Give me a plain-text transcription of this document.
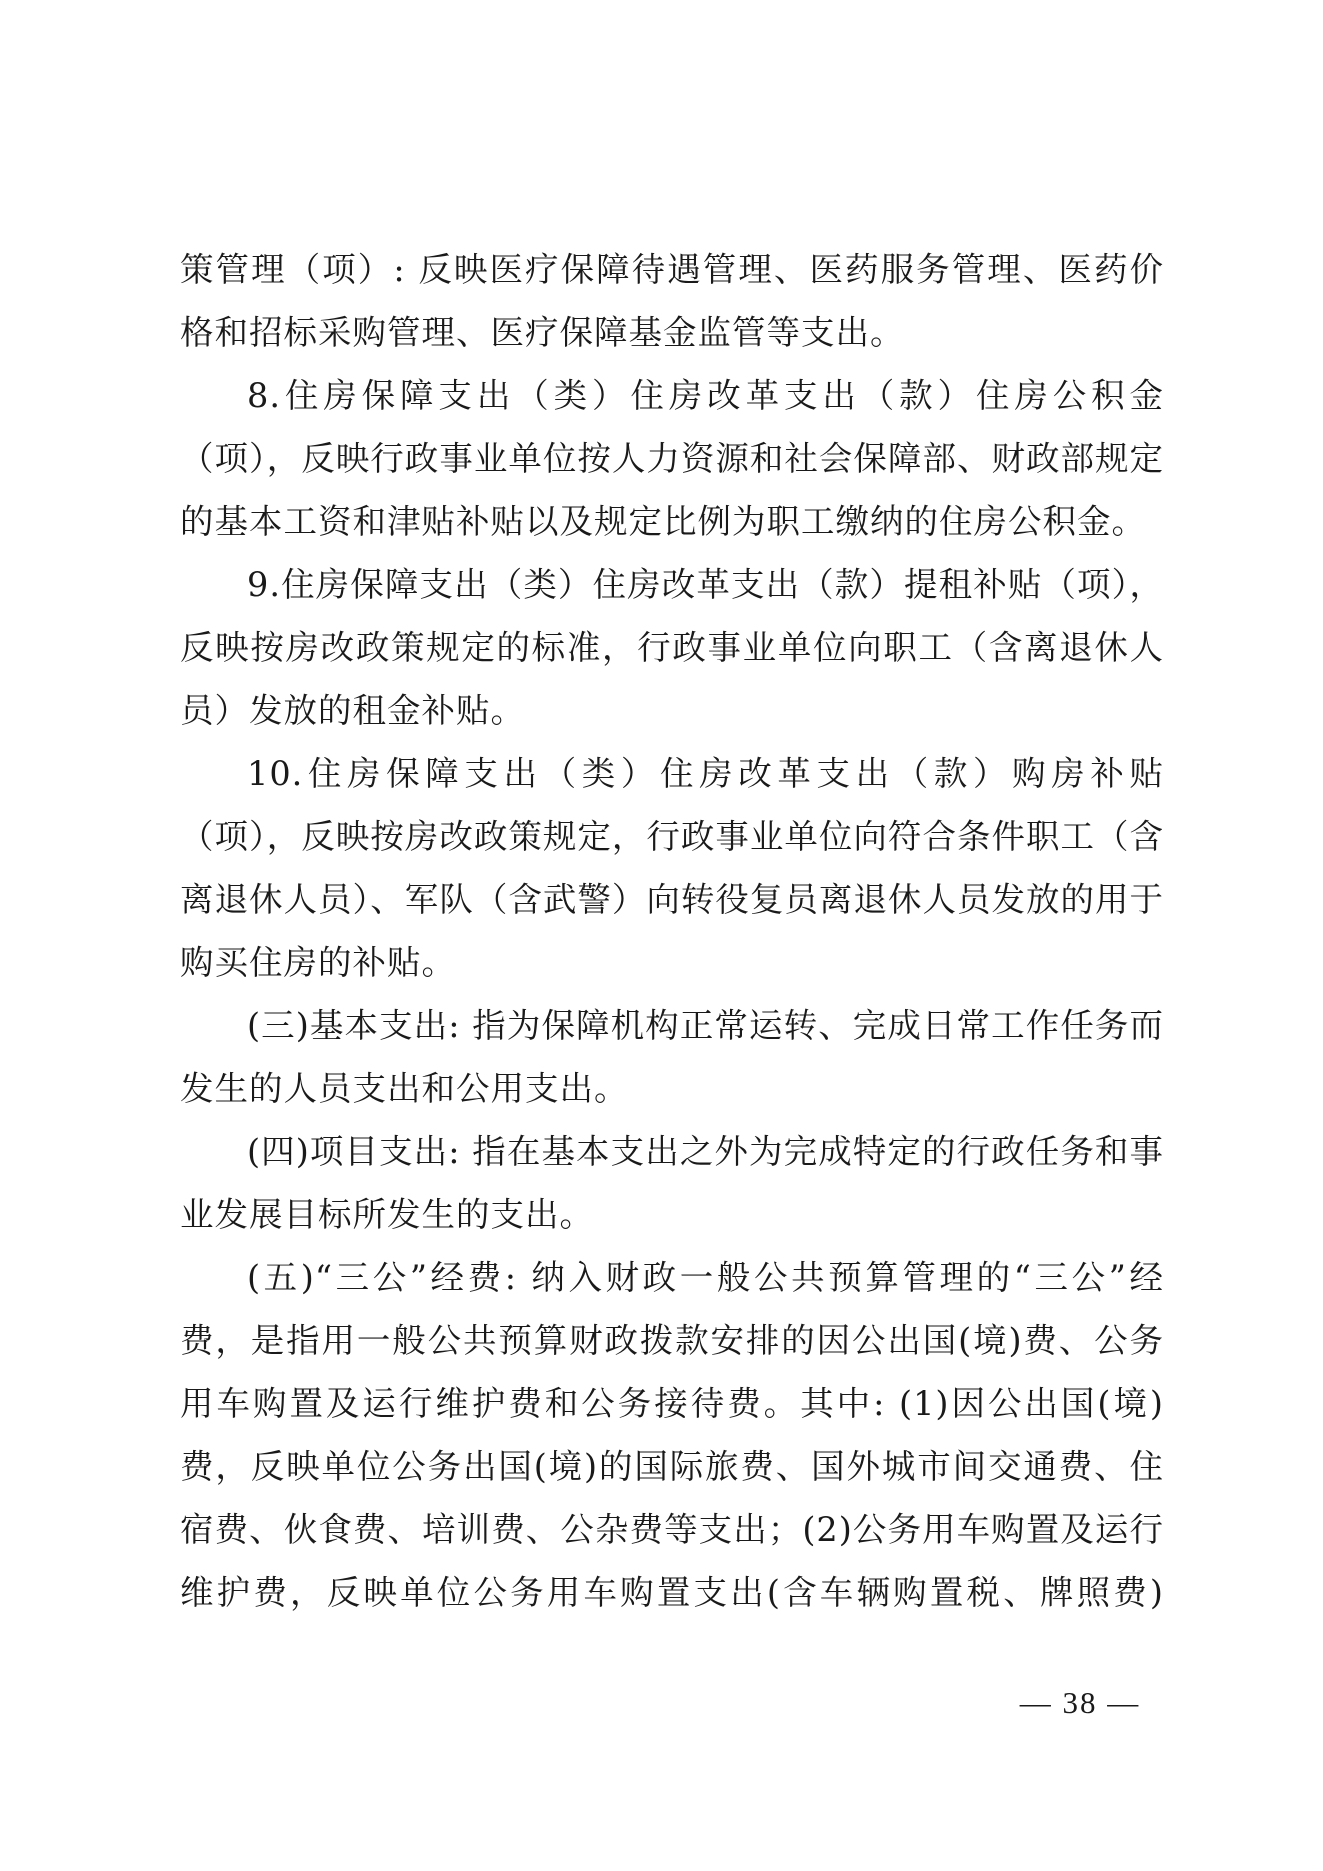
策管理（项）: 反映医疗保障待遇管理、医药服务管理、医药价格和招标采购管理、医疗保障基金监管等支出。

8.住房保障支出（类）住房改革支出（款）住房公积金（项），反映行政事业单位按人力资源和社会保障部、财政部规定的基本工资和津贴补贴以及规定比例为职工缴纳的住房公积金。

9.住房保障支出（类）住房改革支出（款）提租补贴（项），反映按房改政策规定的标准，行政事业单位向职工（含离退休人员）发放的租金补贴。

10.住房保障支出（类）住房改革支出（款）购房补贴（项），反映按房改政策规定，行政事业单位向符合条件职工（含离退休人员）、军队（含武警）向转役复员离退休人员发放的用于购买住房的补贴。

(三)基本支出: 指为保障机构正常运转、完成日常工作任务而发生的人员支出和公用支出。

(四)项目支出: 指在基本支出之外为完成特定的行政任务和事业发展目标所发生的支出。

(五)“三公”经费: 纳入财政一般公共预算管理的“三公”经费，是指用一般公共预算财政拨款安排的因公出国(境)费、公务用车购置及运行维护费和公务接待费。其中: (1)因公出国(境)费，反映单位公务出国(境)的国际旅费、国外城市间交通费、住宿费、伙食费、培训费、公杂费等支出；(2)公务用车购置及运行维护费，反映单位公务用车购置支出(含车辆购置税、牌照费)

— 38 —
